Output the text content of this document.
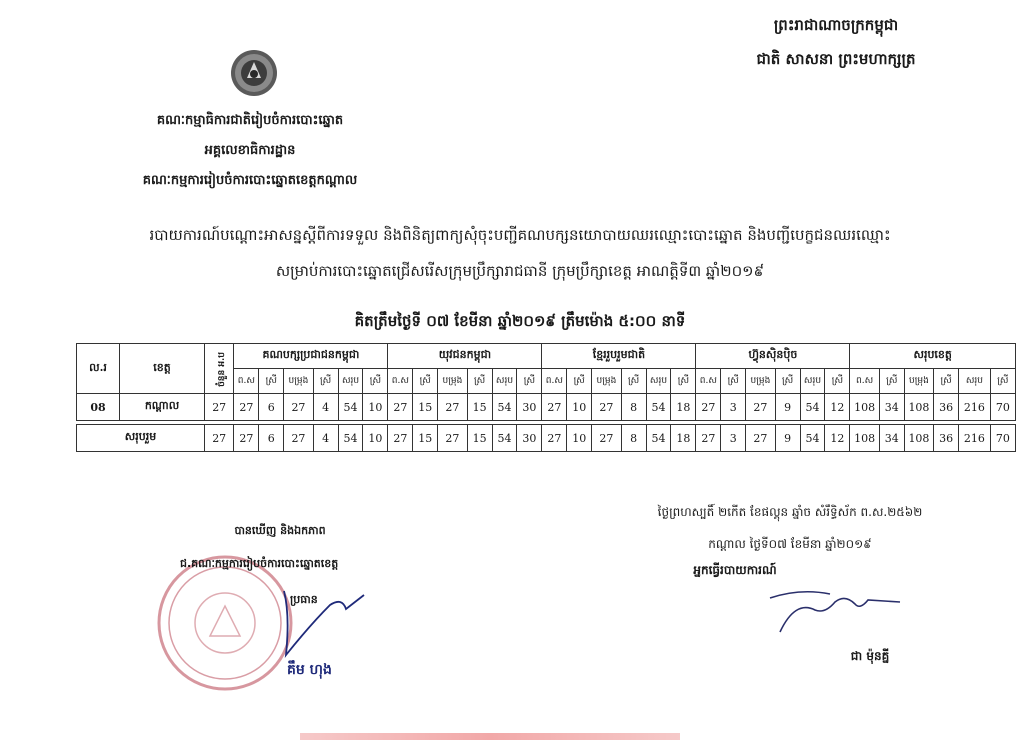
ព្រះរាជាណាចក្រកម្ពុជា
ជាតិ សាសនា ព្រះមហាក្សត្រ
គណៈកម្មាធិការជាតិរៀបចំការបោះឆ្នោត
អគ្គលេខាធិការដ្ឋាន
គណៈកម្មការរៀបចំការបោះឆ្នោតខេត្តកណ្តាល
របាយការណ៍បណ្តោះអាសន្នស្តីពីការទទួល និងពិនិត្យពាក្យសុំចុះបញ្ជីគណបក្សនយោបាយឈរឈ្មោះបោះឆ្នោត និងបញ្ជីបេក្ខជនឈរឈ្មោះ
សម្រាប់ការបោះឆ្នោតជ្រើសរើសក្រុមប្រឹក្សារាជធានី ក្រុមប្រឹក្សាខេត្ត អាណត្តិទី៣ ឆ្នាំ២០១៩
គិតត្រឹមថ្ងៃទី ០៧ ខែមីនា ឆ្នាំ២០១៩ ត្រឹមម៉ោង ៥:០០ នាទី
ល.រ	ខេត្ត	ចំនួន អ.ប	គណបក្សប្រជាជនកម្ពុជា						យុវជនកម្ពុជា						ខ្មែររួបរួមជាតិ						ហ៊្វុនស៊ិនប៉ិច						សរុបខេត្ត					
			ព.ស	ស្រី	បម្រុង	ស្រី	សរុប	ស្រី	ព.ស	ស្រី	បម្រុង	ស្រី	សរុប	ស្រី	ព.ស	ស្រី	បម្រុង	ស្រី	សរុប	ស្រី	ព.ស	ស្រី	បម្រុង	ស្រី	សរុប	ស្រី	ព.ស	ស្រី	បម្រុង	ស្រី	សរុប	ស្រី
08	កណ្តាល	27	27	6	27	4	54	10	27	15	27	15	54	30	27	10	27	8	54	18	27	3	27	9	54	12	108	34	108	36	216	70

សរុបរួម		27	27	6	27	4	54	10	27	15	27	15	54	30	27	10	27	8	54	18	27	3	27	9	54	12	108	34	108	36	216	70
ថ្ងៃព្រហស្បតិ៍ ២កើត ខែផល្គុន ឆ្នាំច សំរឹទ្ធិស័ក ព.ស.២៥៦២
កណ្តាល ថ្ងៃទី០៧ ខែមីនា ឆ្នាំ២០១៩
អ្នកធ្វើរបាយការណ៍
ជា ម៉ុនគ្នី
បានឃើញ និងឯកភាព
ជ.គណៈកម្មការរៀបចំការបោះឆ្នោតខេត្ត
ប្រធាន
គឹម ហុង
